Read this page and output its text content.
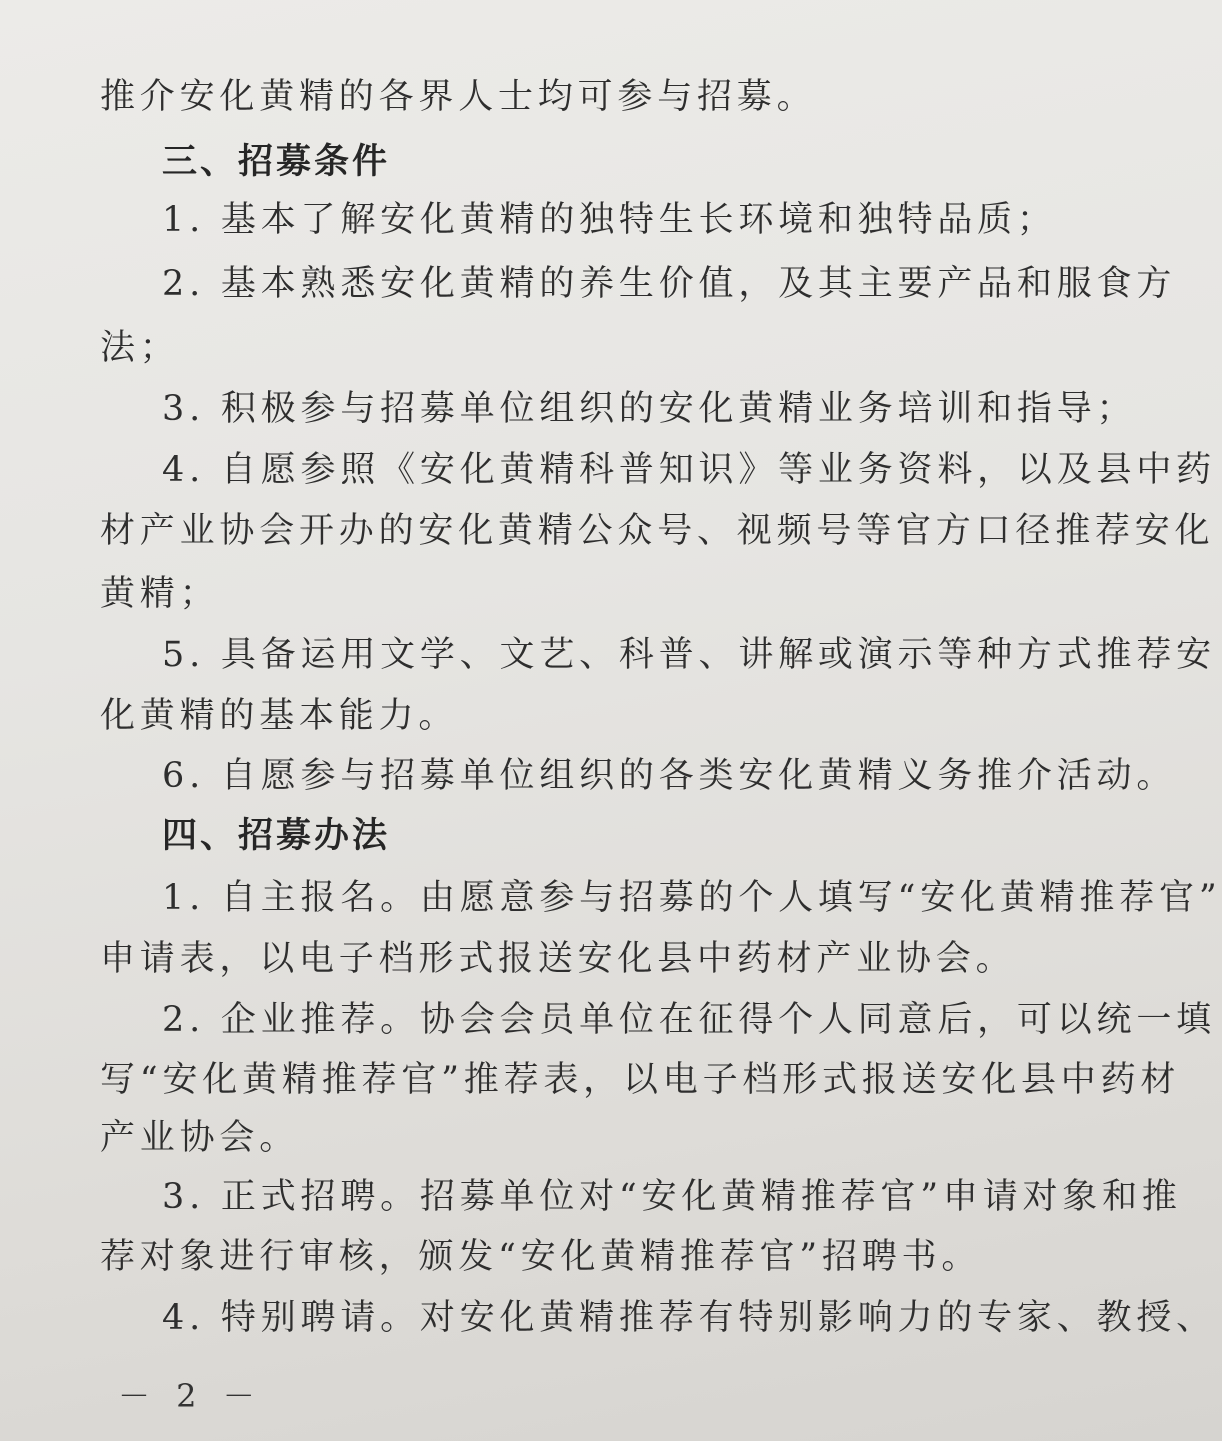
推介安化黄精的各界人士均可参与招募。
三、招募条件
1. 基本了解安化黄精的独特生长环境和独特品质；
2. 基本熟悉安化黄精的养生价值，及其主要产品和服食方
法；
3. 积极参与招募单位组织的安化黄精业务培训和指导；
4. 自愿参照《安化黄精科普知识》等业务资料，以及县中药
材产业协会开办的安化黄精公众号、视频号等官方口径推荐安化
黄精；
5. 具备运用文学、文艺、科普、讲解或演示等种方式推荐安
化黄精的基本能力。
6. 自愿参与招募单位组织的各类安化黄精义务推介活动。
四、招募办法
1. 自主报名。由愿意参与招募的个人填写“安化黄精推荐官”
申请表，以电子档形式报送安化县中药材产业协会。
2. 企业推荐。协会会员单位在征得个人同意后，可以统一填
写“安化黄精推荐官”推荐表，以电子档形式报送安化县中药材
产业协会。
3. 正式招聘。招募单位对“安化黄精推荐官”申请对象和推
荐对象进行审核，颁发“安化黄精推荐官”招聘书。
4. 特别聘请。对安化黄精推荐有特别影响力的专家、教授、
－ 2 －
